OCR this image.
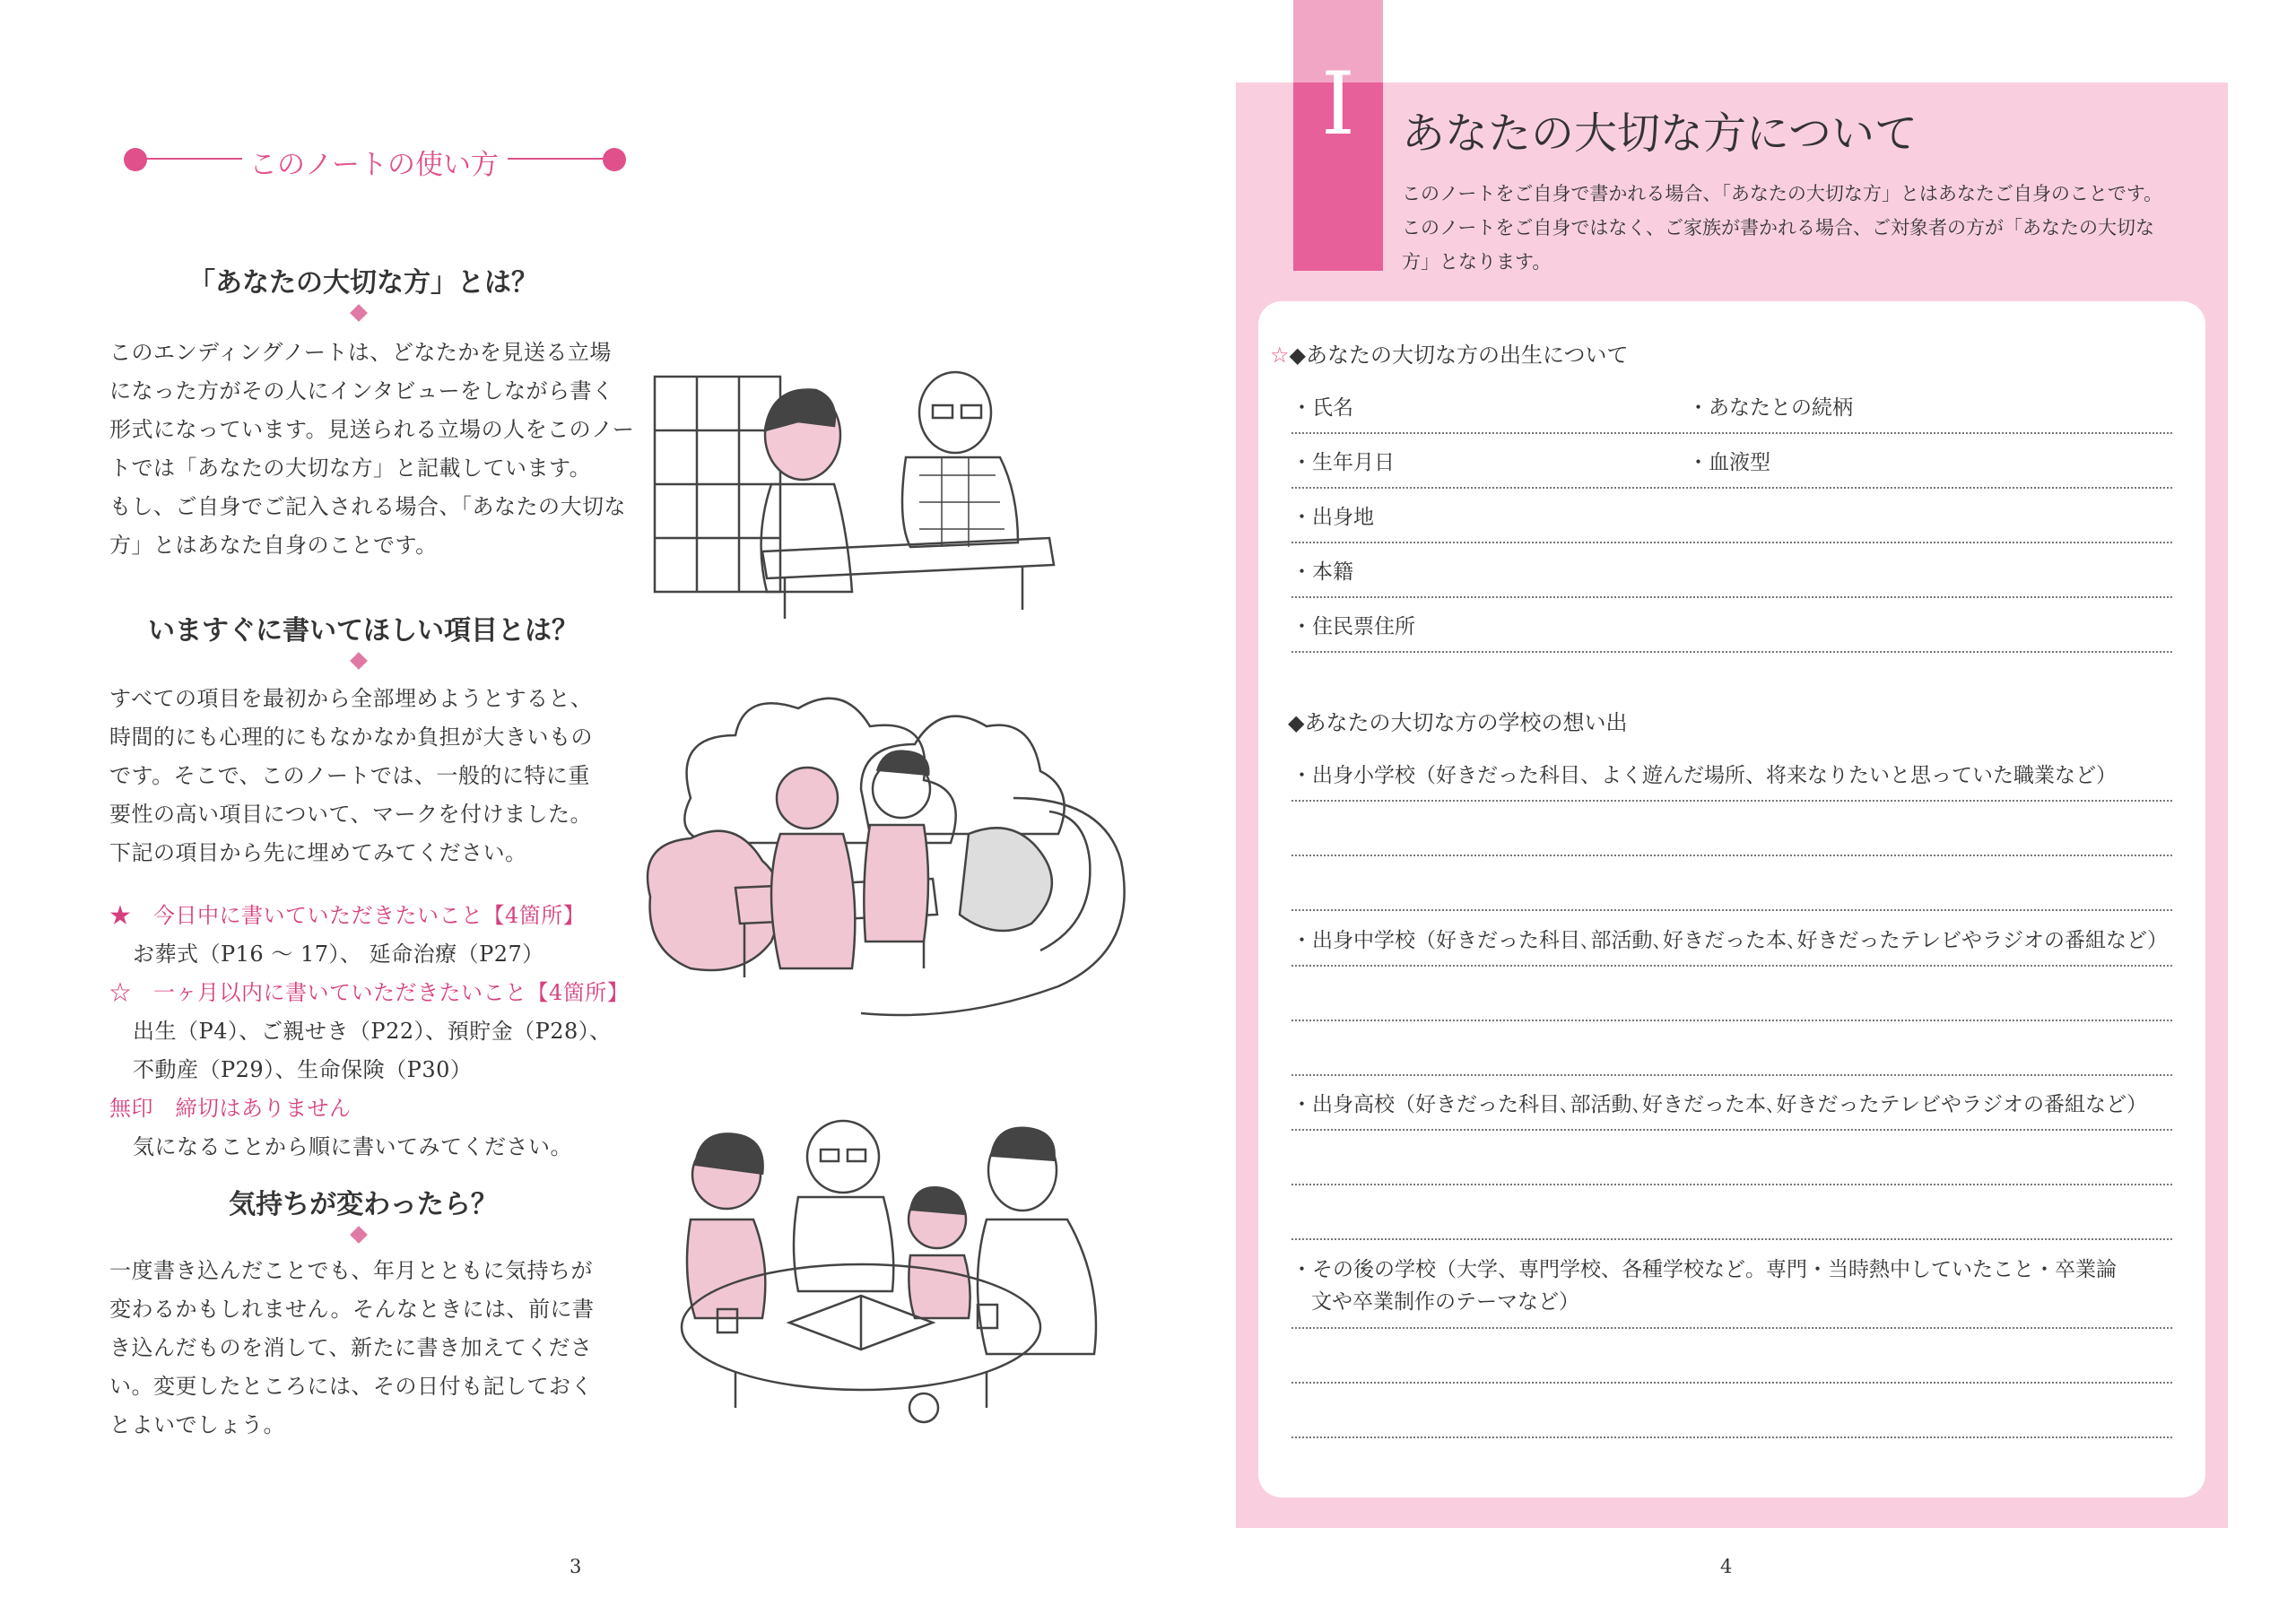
このノートの使い方
「あなたの大切な方」とは？
このエンディングノートは、どなたかを見送る立場
になった方がその人にインタビューをしながら書く
形式になっています。見送られる立場の人をこのノー
トでは「あなたの大切な方」と記載しています。
もし、ご自身でご記入される場合、「あなたの大切な
方」とはあなた自身のことです。
いますぐに書いてほしい項目とは？
すべての項目を最初から全部埋めようとすると、
時間的にも心理的にもなかなか負担が大きいもの
です。そこで、このノートでは、一般的に特に重
要性の高い項目について、マークを付けました。
下記の項目から先に埋めてみてください。
★　今日中に書いていただきたいこと【4箇所】
お葬式（P16 ～ 17）、 延命治療（P27）
☆　一ヶ月以内に書いていただきたいこと【4箇所】
出生（P4）、ご親せき（P22）、預貯金（P28）、
不動産（P29）、生命保険（P30）
無印　締切はありません
気になることから順に書いてみてください。
気持ちが変わったら？
一度書き込んだことでも、年月とともに気持ちが
変わるかもしれません。そんなときには、前に書
き込んだものを消して、新たに書き加えてくださ
い。変更したところには、その日付も記しておく
とよいでしょう。
3
I	あなたの大切な方について
このノートをご自身で書かれる場合、「あなたの大切な方」とはあなたご自身のことです。
このノートをご自身ではなく、ご家族が書かれる場合、ご対象者の方が「あなたの大切な
方」となります。
☆◆あなたの大切な方の出生について
・氏名	・あなたとの続柄
・生年月日	・血液型
・出身地
・本籍
・住民票住所
◆あなたの大切な方の学校の想い出
・出身小学校（好きだった科目、よく遊んだ場所、将来なりたいと思っていた職業など）
・出身中学校（好きだった科目､部活動､好きだった本､好きだったテレビやラジオの番組など）
・出身高校（好きだった科目､部活動､好きだった本､好きだったテレビやラジオの番組など）
・その後の学校（大学、専門学校、各種学校など。専門・当時熱中していたこと・卒業論
文や卒業制作のテーマなど）
4
